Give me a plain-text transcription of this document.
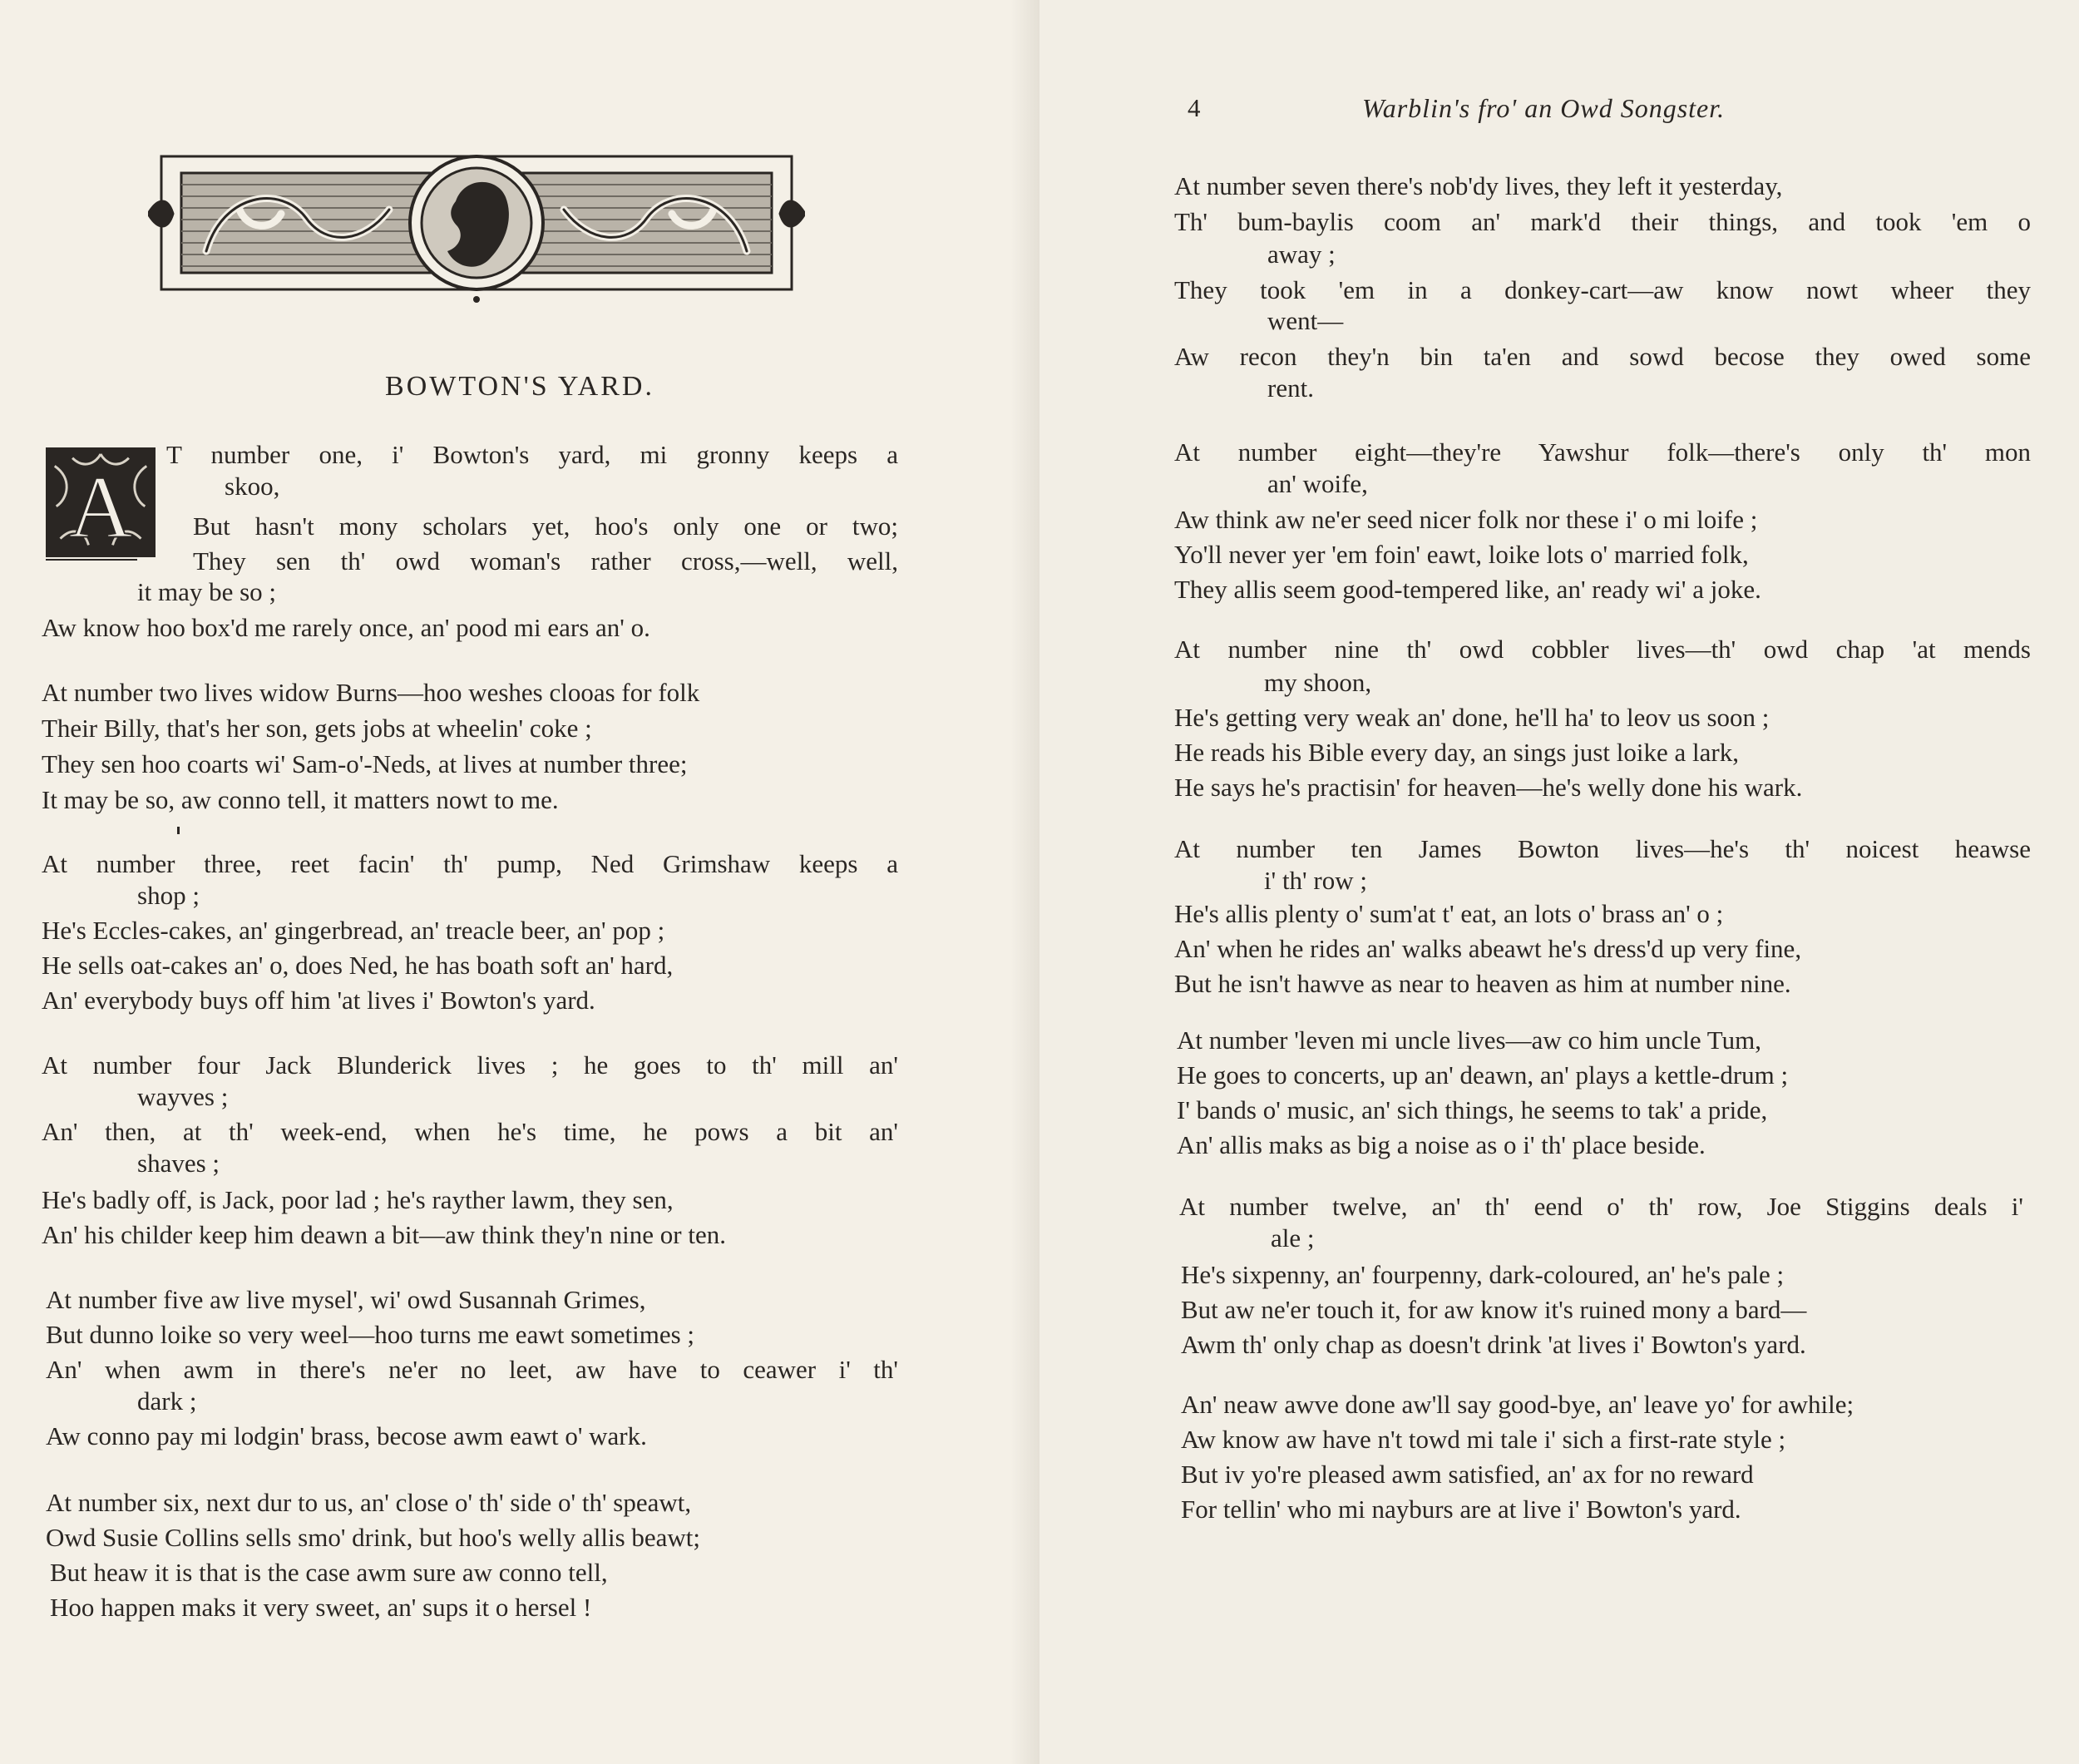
BOWTON'S YARD.
A
T number one, i' Bowton's yard, mi gronny keeps a
skoo,
But hasn't mony scholars yet, hoo's only one or two;
They sen th' owd woman's rather cross,—well, well,
it may be so ;
Aw know hoo box'd me rarely once, an' pood mi ears an' o.
At number two lives widow Burns—hoo weshes clooas for folk
Their Billy, that's her son, gets jobs at wheelin' coke ;
They sen hoo coarts wi' Sam-o'-Neds, at lives at number three;
It may be so, aw conno tell, it matters nowt to me.
At number three, reet facin' th' pump, Ned Grimshaw keeps a
shop ;
He's Eccles-cakes, an' gingerbread, an' treacle beer, an' pop ;
He sells oat-cakes an' o, does Ned, he has boath soft an' hard,
An' everybody buys off him 'at lives i' Bowton's yard.
At number four Jack Blunderick lives ; he goes to th' mill an'
wayves ;
An' then, at th' week-end, when he's time, he pows a bit an'
shaves ;
He's badly off, is Jack, poor lad ; he's rayther lawm, they sen,
An' his childer keep him deawn a bit—aw think they'n nine or ten.
At number five aw live mysel', wi' owd Susannah Grimes,
But dunno loike so very weel—hoo turns me eawt sometimes ;
An' when awm in there's ne'er no leet, aw have to ceawer i' th'
dark ;
Aw conno pay mi lodgin' brass, becose awm eawt o' wark.
At number six, next dur to us, an' close o' th' side o' th' speawt,
Owd Susie Collins sells smo' drink, but hoo's welly allis beawt;
But heaw it is that is the case awm sure aw conno tell,
Hoo happen maks it very sweet, an' sups it o hersel !
4	Warblin's fro' an Owd Songster.
At number seven there's nob'dy lives, they left it yesterday,
Th' bum-baylis coom an' mark'd their things, and took 'em o
away ;
They took 'em in a donkey-cart—aw know nowt wheer they
went—
Aw recon they'n bin ta'en and sowd becose they owed some
rent.
At number eight—they're Yawshur folk—there's only th' mon
an' woife,
Aw think aw ne'er seed nicer folk nor these i' o mi loife ;
Yo'll never yer 'em foin' eawt, loike lots o' married folk,
They allis seem good-tempered like, an' ready wi' a joke.
At number nine th' owd cobbler lives—th' owd chap 'at mends
my shoon,
He's getting very weak an' done, he'll ha' to leov us soon ;
He reads his Bible every day, an sings just loike a lark,
He says he's practisin' for heaven—he's welly done his wark.
At number ten James Bowton lives—he's th' noicest heawse
i' th' row ;
He's allis plenty o' sum'at t' eat, an lots o' brass an' o ;
An' when he rides an' walks abeawt he's dress'd up very fine,
But he isn't hawve as near to heaven as him at number nine.
At number 'leven mi uncle lives—aw co him uncle Tum,
He goes to concerts, up an' deawn, an' plays a kettle-drum ;
I' bands o' music, an' sich things, he seems to tak' a pride,
An' allis maks as big a noise as o i' th' place beside.
At number twelve, an' th' eend o' th' row, Joe Stiggins deals i'
ale ;
He's sixpenny, an' fourpenny, dark-coloured, an' he's pale ;
But aw ne'er touch it, for aw know it's ruined mony a bard—
Awm th' only chap as doesn't drink 'at lives i' Bowton's yard.
An' neaw awve done aw'll say good-bye, an' leave yo' for awhile;
Aw know aw have n't towd mi tale i' sich a first-rate style ;
But iv yo're pleased awm satisfied, an' ax for no reward
For tellin' who mi nayburs are at live i' Bowton's yard.
